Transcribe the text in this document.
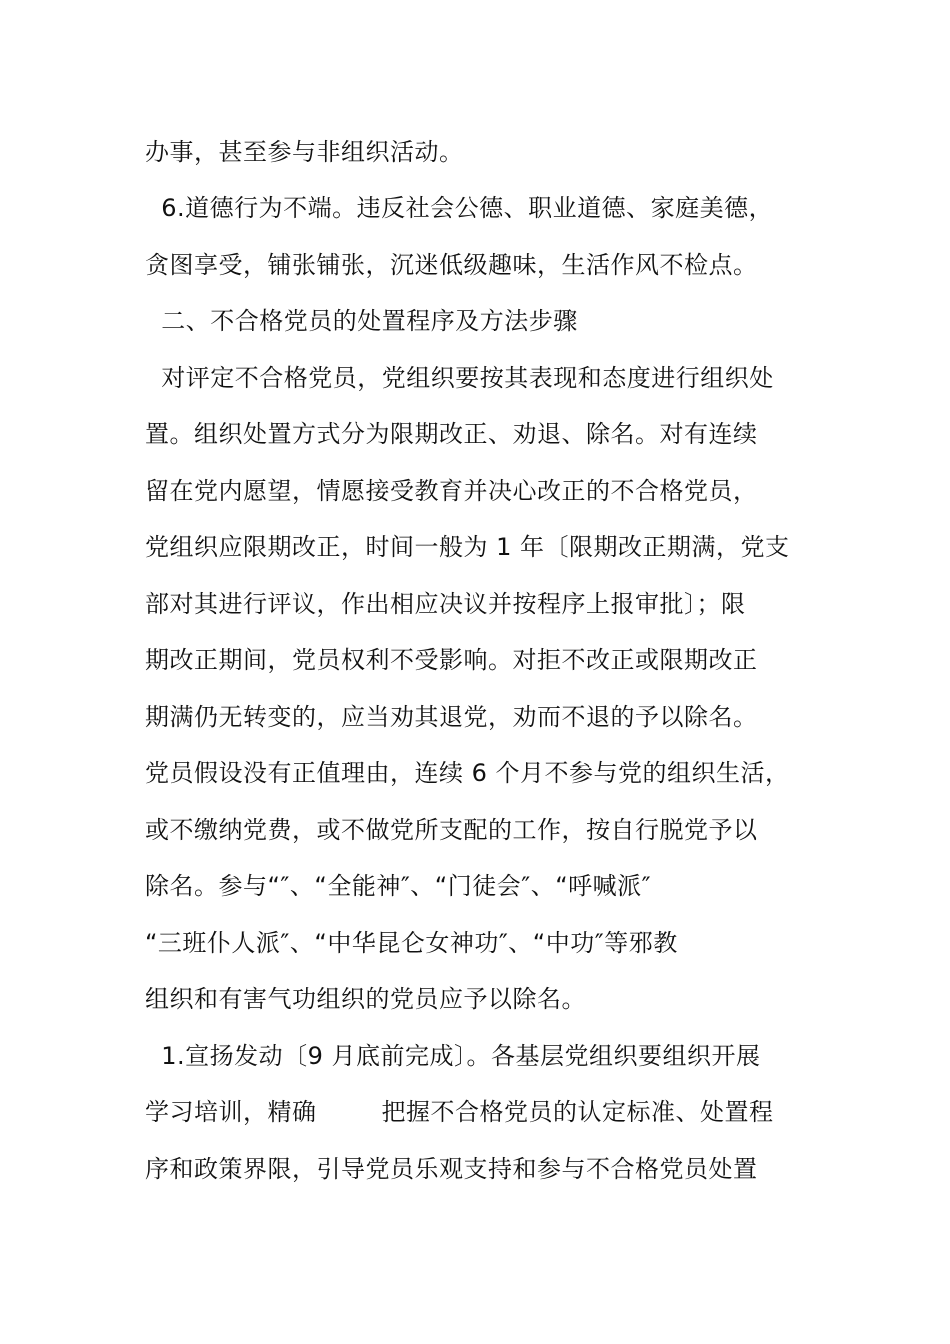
办事，甚至参与非组织活动。
6.道德行为不端。违反社会公德、职业道德、家庭美德，
贪图享受，铺张铺张，沉迷低级趣味，生活作风不检点。
二、不合格党员的处置程序及方法步骤
对评定不合格党员，党组织要按其表现和态度进行组织处
置。组织处置方式分为限期改正、劝退、除名。对有连续
留在党内愿望，情愿接受教育并决心改正的不合格党员，
党组织应限期改正，时间一般为 1 年〔限期改正期满，党支
部对其进行评议，作出相应决议并按程序上报审批〕；限
期改正期间，党员权利不受影响。对拒不改正或限期改正
期满仍无转变的，应当劝其退党，劝而不退的予以除名。
党员假设没有正值理由，连续 6 个月不参与党的组织生活，
或不缴纳党费，或不做党所支配的工作，按自行脱党予以
除名。参与“″、“全能神″、“门徒会″、“呼喊派″
“三班仆人派″、“中华昆仑女神功″、“中功″等邪教
组织和有害气功组织的党员应予以除名。
1.宣扬发动〔9 月底前完成〕。各基层党组织要组织开展
学习培训，精确        把握不合格党员的认定标准、处置程
序和政策界限，引导党员乐观支持和参与不合格党员处置
